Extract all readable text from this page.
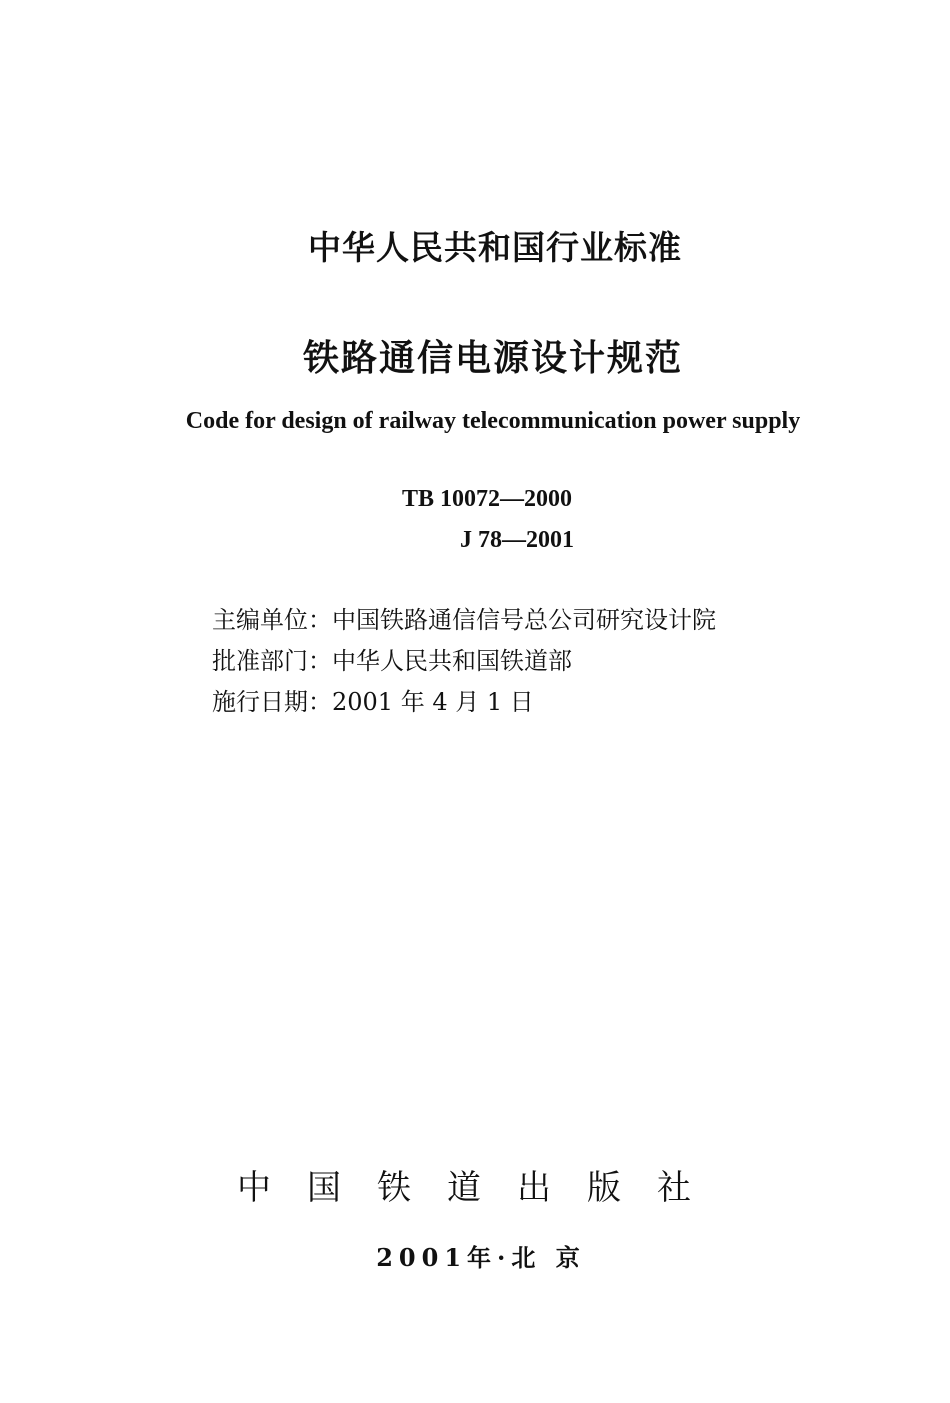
中华人民共和国行业标准
铁路通信电源设计规范
Code for design of railway telecommunication power supply
TB 10072—2000
J 78—2001
主编单位：中国铁路通信信号总公司研究设计院
批准部门：中华人民共和国铁道部
施行日期：2001 年 4 月 1 日
中国铁道出版社
2001年·北 京
